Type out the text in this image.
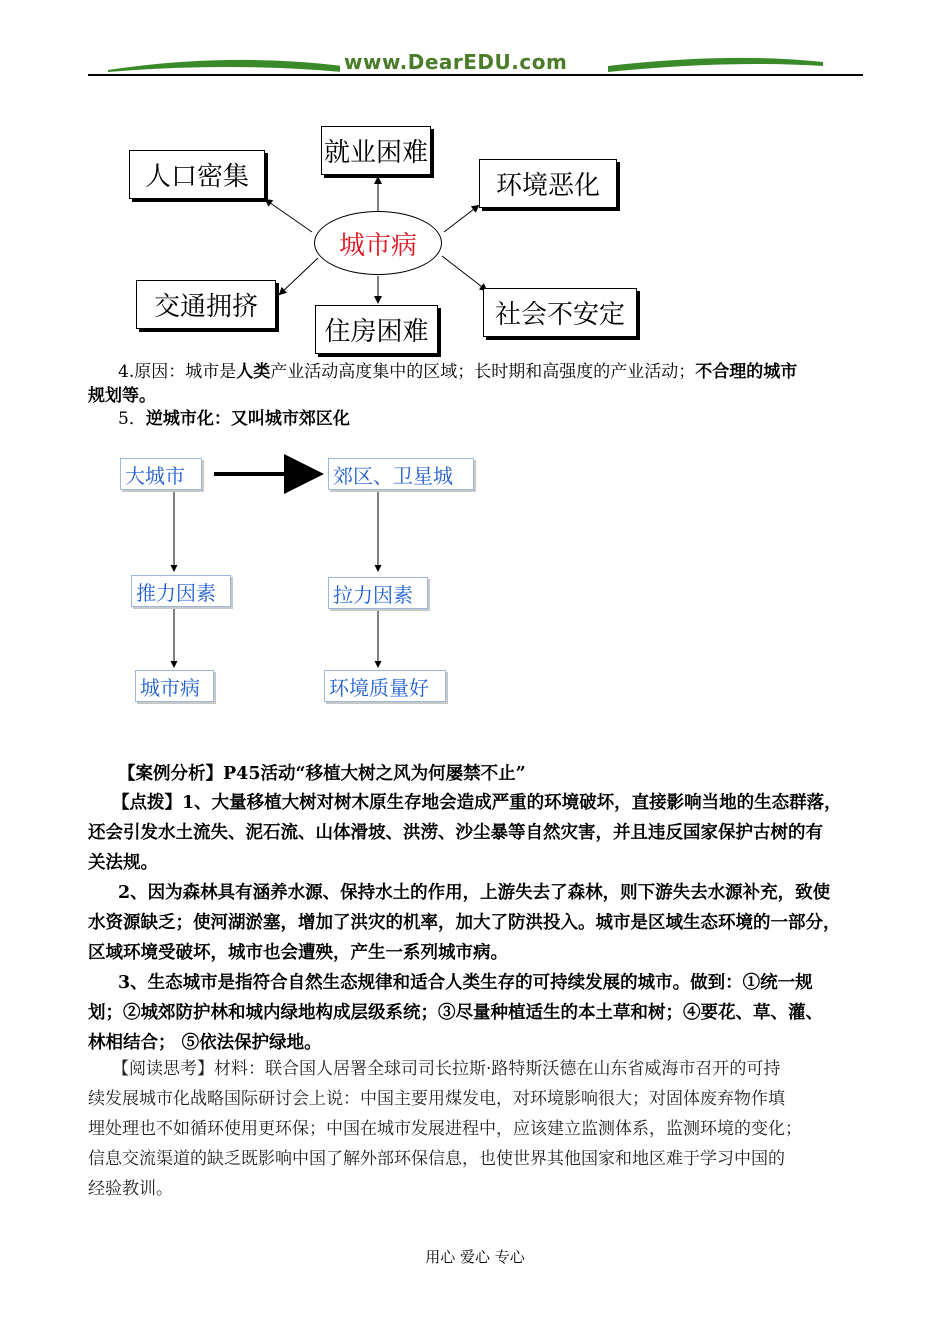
www.DearEDU.com
城市病
就业困难
人口密集	环境恶化
交通拥挤
住房困难
社会不安定
4.原因：城市是人类产业活动高度集中的区域；长时期和高强度的产业活动；不合理的城市
规划等。
5．逆城市化：又叫城市郊区化
大城市	郊区、卫星城
推力因素	拉力因素
城市病	环境质量好
【案例分析】P45活动“移植大树之风为何屡禁不止”
【点拨】1、大量移植大树对树木原生存地会造成严重的环境破坏，直接影响当地的生态群落，
还会引发水土流失、泥石流、山体滑坡、洪涝、沙尘暴等自然灾害，并且违反国家保护古树的有
关法规。
2、因为森林具有涵养水源、保持水土的作用，上游失去了森林，则下游失去水源补充，致使
水资源缺乏；使河湖淤塞，增加了洪灾的机率，加大了防洪投入。城市是区域生态环境的一部分，
区域环境受破坏，城市也会遭殃，产生一系列城市病。
3、生态城市是指符合自然生态规律和适合人类生存的可持续发展的城市。做到：①统一规
划；②城郊防护林和城内绿地构成层级系统；③尽量种植适生的本土草和树；④要花、草、灌、
林相结合； ⑤依法保护绿地。
【阅读思考】材料：联合国人居署全球司司长拉斯·路特斯沃德在山东省威海市召开的可持
续发展城市化战略国际研讨会上说：中国主要用煤发电，对环境影响很大；对固体废弃物作填
埋处理也不如循环使用更环保；中国在城市发展进程中，应该建立监测体系，监测环境的变化；
信息交流渠道的缺乏既影响中国了解外部环保信息，也使世界其他国家和地区难于学习中国的
经验教训。
用心 爱心 专心
